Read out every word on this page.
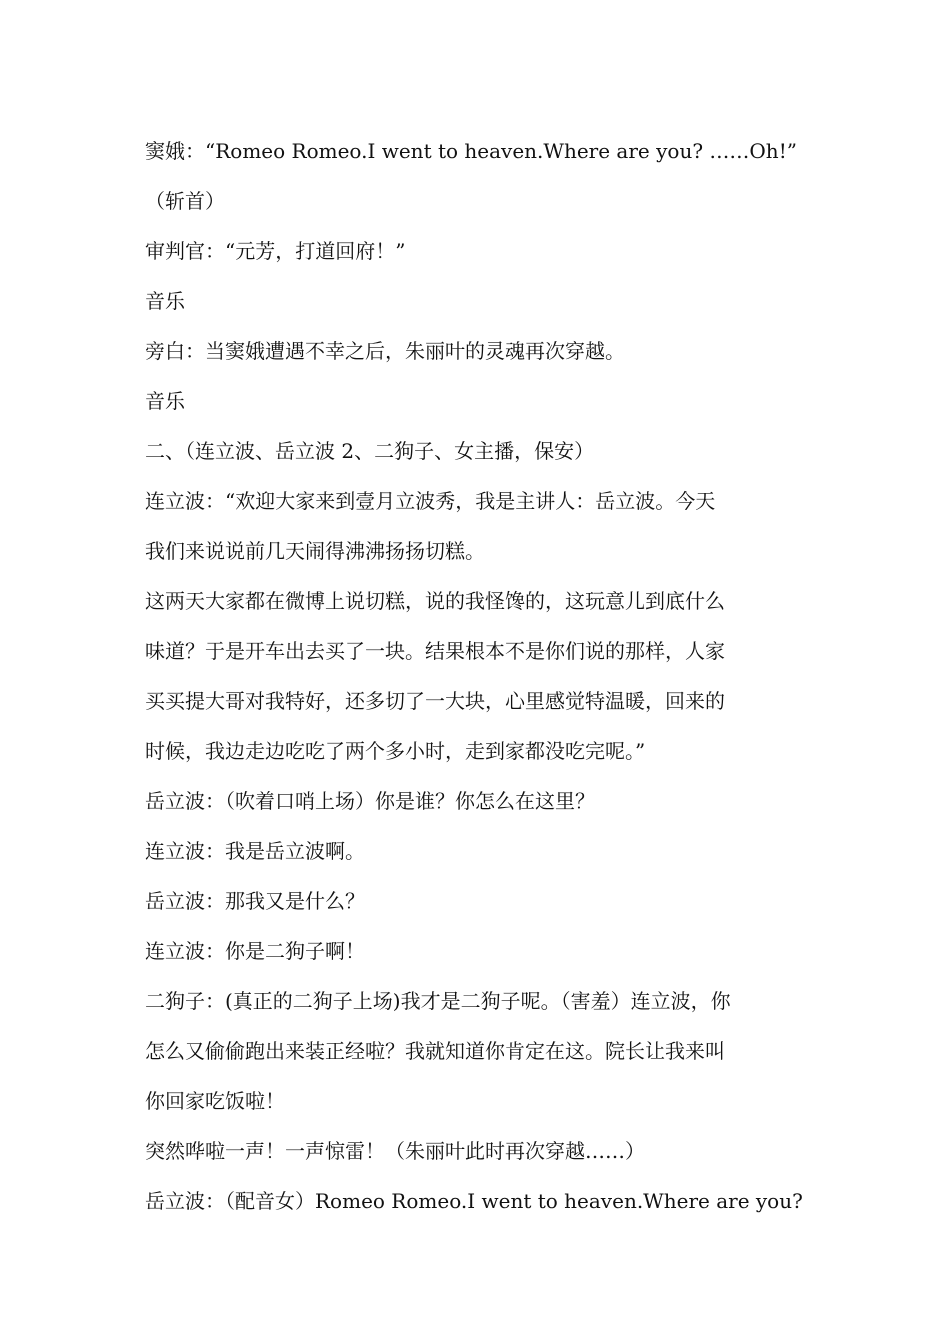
窦娥：“Romeo Romeo.I went to heaven.Where are you? ……Oh!”

（斩首）

审判官：“元芳，打道回府！”

音乐

旁白：当窦娥遭遇不幸之后，朱丽叶的灵魂再次穿越。

音乐

二、（连立波、岳立波 2、二狗子、女主播，保安）

连立波：“欢迎大家来到壹月立波秀，我是主讲人：岳立波。今天

我们来说说前几天闹得沸沸扬扬切糕。

这两天大家都在微博上说切糕，说的我怪馋的，这玩意儿到底什么

味道？于是开车出去买了一块。结果根本不是你们说的那样，人家

买买提大哥对我特好，还多切了一大块，心里感觉特温暖，回来的

时候，我边走边吃吃了两个多小时，走到家都没吃完呢。”

岳立波：（吹着口哨上场）你是谁？你怎么在这里？

连立波：我是岳立波啊。

岳立波：那我又是什么？

连立波：你是二狗子啊！

二狗子：(真正的二狗子上场)我才是二狗子呢。（害羞）连立波，你

怎么又偷偷跑出来装正经啦？我就知道你肯定在这。院长让我来叫

你回家吃饭啦！

突然哗啦一声！一声惊雷！（朱丽叶此时再次穿越……）

岳立波：（配音女）Romeo Romeo.I went to heaven.Where are you?
